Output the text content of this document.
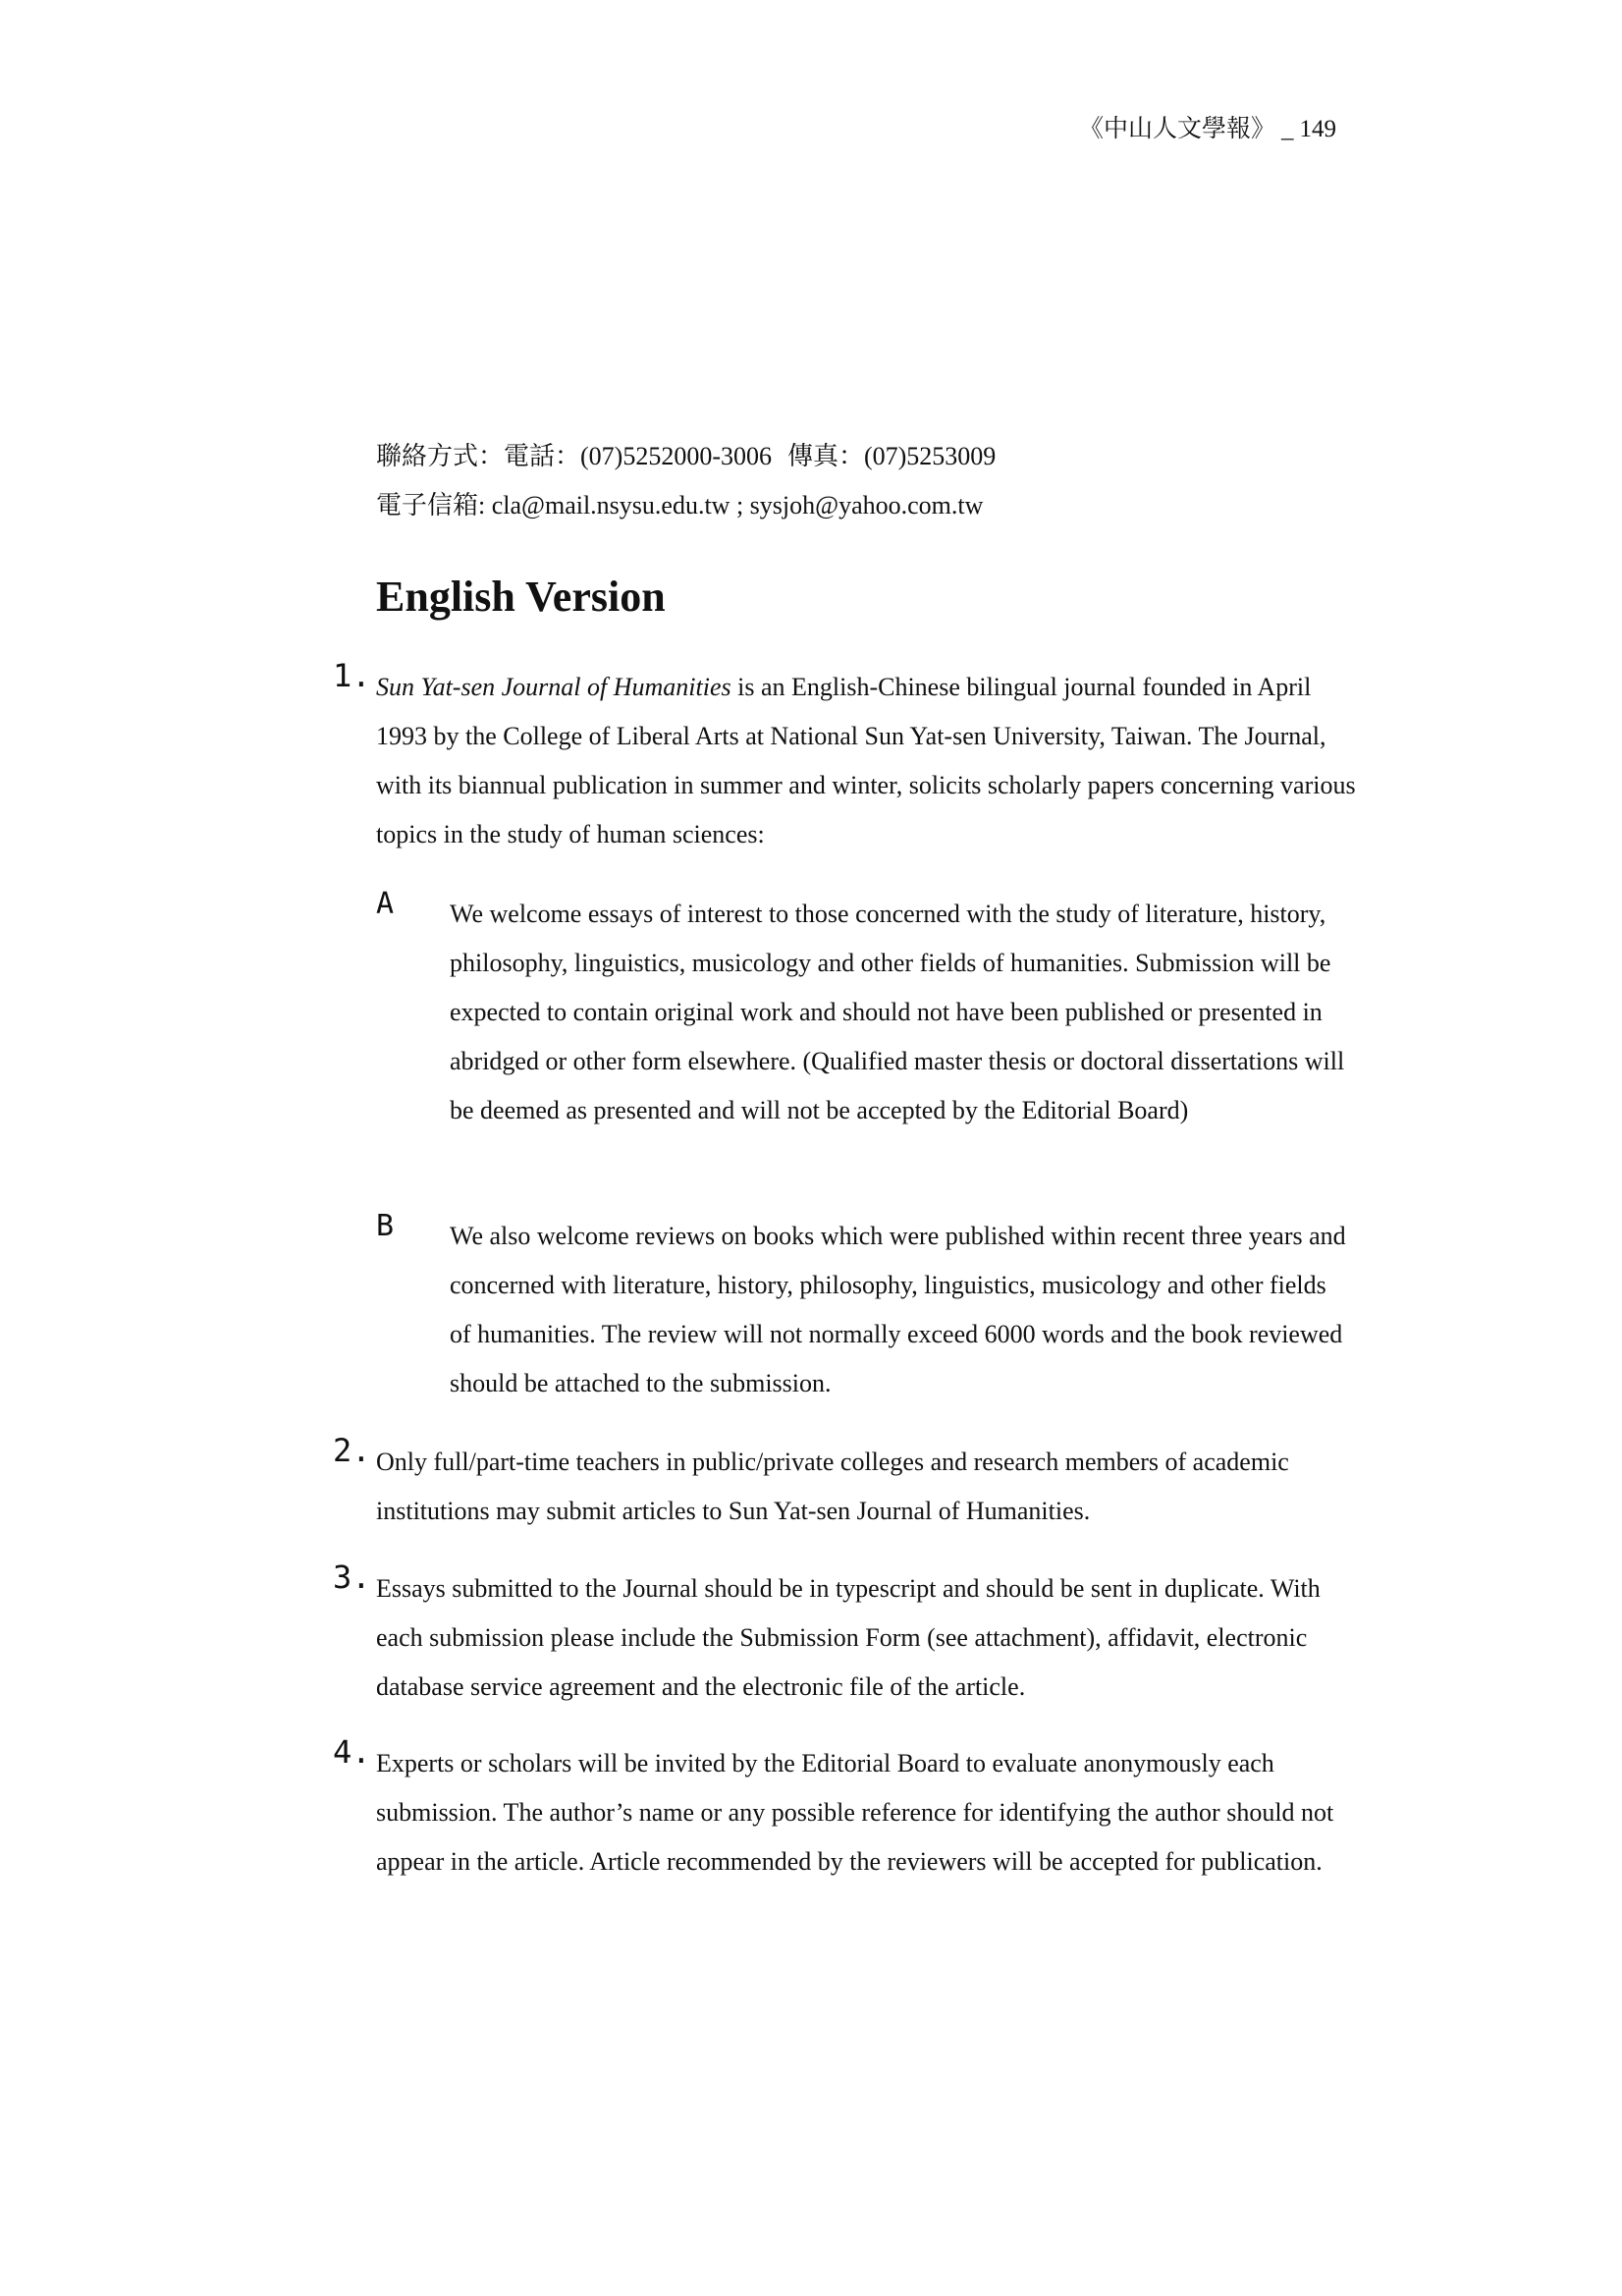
《中山人文學報》 _ 149
聯絡方式：電話：(07)5252000-3006 傳真：(07)5253009
電子信箱: cla@mail.nsysu.edu.tw ; sysjoh@yahoo.com.tw
English Version
1. Sun Yat-sen Journal of Humanities is an English-Chinese bilingual journal founded in April 1993 by the College of Liberal Arts at National Sun Yat-sen University, Taiwan. The Journal, with its biannual publication in summer and winter, solicits scholarly papers concerning various topics in the study of human sciences:
A We welcome essays of interest to those concerned with the study of literature, history, philosophy, linguistics, musicology and other fields of humanities. Submission will be expected to contain original work and should not have been published or presented in abridged or other form elsewhere. (Qualified master thesis or doctoral dissertations will be deemed as presented and will not be accepted by the Editorial Board)
B We also welcome reviews on books which were published within recent three years and concerned with literature, history, philosophy, linguistics, musicology and other fields of humanities. The review will not normally exceed 6000 words and the book reviewed should be attached to the submission.
2. Only full/part-time teachers in public/private colleges and research members of academic institutions may submit articles to Sun Yat-sen Journal of Humanities.
3. Essays submitted to the Journal should be in typescript and should be sent in duplicate. With each submission please include the Submission Form (see attachment), affidavit, electronic database service agreement and the electronic file of the article.
4. Experts or scholars will be invited by the Editorial Board to evaluate anonymously each submission. The author’s name or any possible reference for identifying the author should not appear in the article. Article recommended by the reviewers will be accepted for publication.
